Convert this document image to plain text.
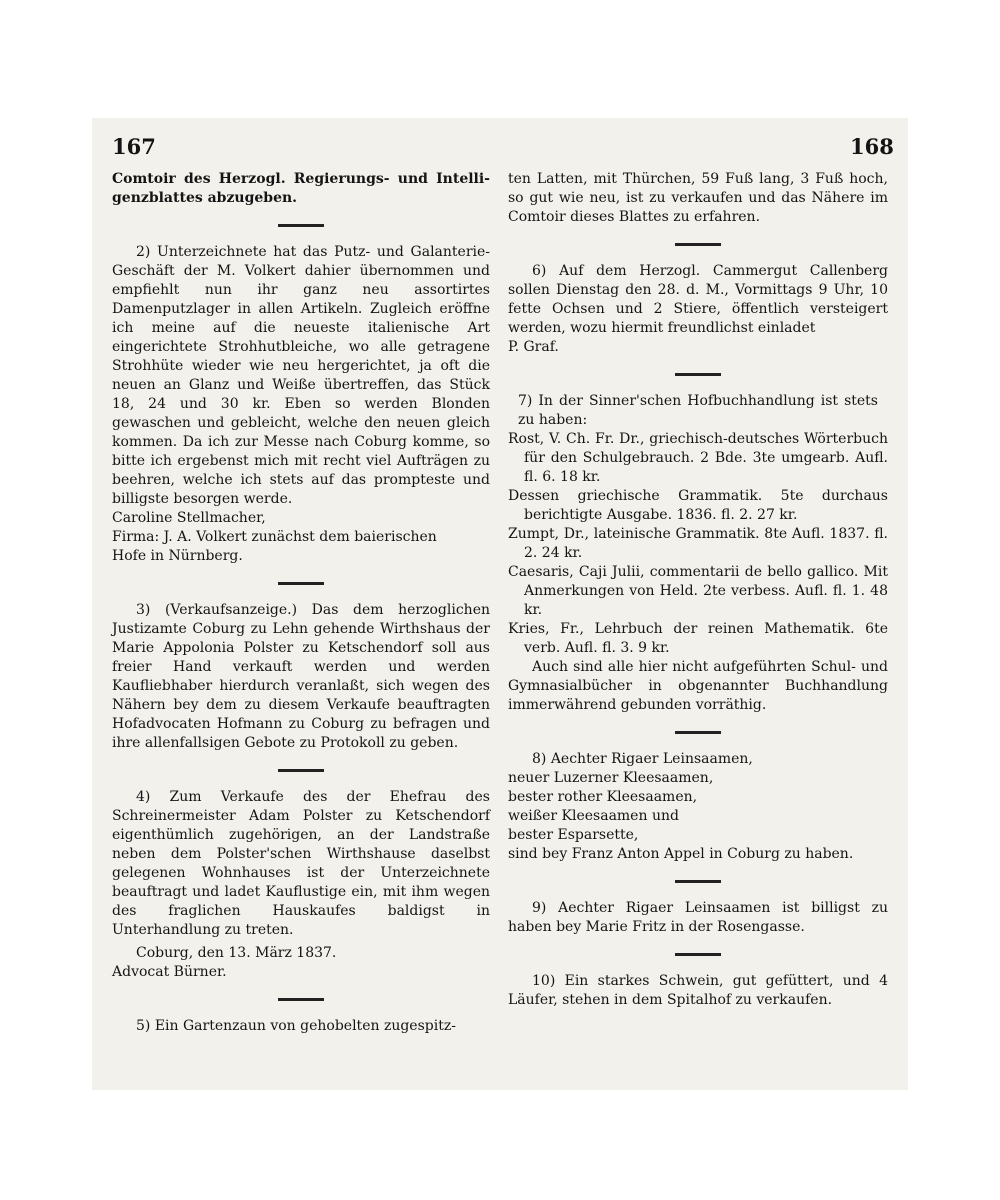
167	168

Comtoir des Herzogl. Regierungs- und Intelli-genzblattes abzugeben.

2) Unterzeichnete hat das Putz- und Galanterie-Geschäft der M. Volkert dahier übernommen und empfiehlt nun ihr ganz neu assortirtes Damenputzlager in allen Artikeln. Zugleich eröffne ich meine auf die neueste italienische Art eingerichtete Strohhutbleiche, wo alle getragene Strohhüte wieder wie neu hergerichtet, ja oft die neuen an Glanz und Weiße übertreffen, das Stück 18, 24 und 30 kr. Eben so werden Blonden gewaschen und gebleicht, welche den neuen gleich kommen. Da ich zur Messe nach Coburg komme, so bitte ich ergebenst mich mit recht viel Aufträgen zu beehren, welche ich stets auf das prompteste und billigste besorgen werde.

Caroline Stellmacher,

Firma: J. A. Volkert zunächst dem baierischen

Hofe in Nürnberg.

3) (Verkaufsanzeige.) Das dem herzoglichen Justizamte Coburg zu Lehn gehende Wirthshaus der Marie Appolonia Polster zu Ketschendorf soll aus freier Hand verkauft werden und werden Kaufliebhaber hierdurch veranlaßt, sich wegen des Nähern bey dem zu diesem Verkaufe beauftragten Hofadvocaten Hofmann zu Coburg zu befragen und ihre allenfallsigen Gebote zu Protokoll zu geben.

4) Zum Verkaufe des der Ehefrau des Schreinermeister Adam Polster zu Ketschendorf eigenthümlich zugehörigen, an der Landstraße neben dem Polster'schen Wirthshause daselbst gelegenen Wohnhauses ist der Unterzeichnete beauftragt und ladet Kauflustige ein, mit ihm wegen des fraglichen Hauskaufes baldigst in Unterhandlung zu treten.

Coburg, den 13. März 1837.

Advocat Bürner.

5) Ein Gartenzaun von gehobelten zugespitz-

ten Latten, mit Thürchen, 59 Fuß lang, 3 Fuß hoch, so gut wie neu, ist zu verkaufen und das Nähere im Comtoir dieses Blattes zu erfahren.

6) Auf dem Herzogl. Cammergut Callenberg sollen Dienstag den 28. d. M., Vormittags 9 Uhr, 10 fette Ochsen und 2 Stiere, öffentlich versteigert werden, wozu hiermit freundlichst einladet

P. Graf.

7) In der Sinner'schen Hofbuchhandlung ist stets zu haben:

Rost, V. Ch. Fr. Dr., griechisch-deutsches Wörterbuch für den Schulgebrauch. 2 Bde. 3te umgearb. Aufl. fl. 6. 18 kr.

Dessen griechische Grammatik. 5te durchaus berichtigte Ausgabe. 1836. fl. 2. 27 kr.

Zumpt, Dr., lateinische Grammatik. 8te Aufl. 1837. fl. 2. 24 kr.

Caesaris, Caji Julii, commentarii de bello gallico. Mit Anmerkungen von Held. 2te verbess. Aufl. fl. 1. 48 kr.

Kries, Fr., Lehrbuch der reinen Mathematik. 6te verb. Aufl. fl. 3. 9 kr.

Auch sind alle hier nicht aufgeführten Schul- und Gymnasialbücher in obgenannter Buchhandlung immerwährend gebunden vorräthig.

8) Aechter Rigaer Leinsaamen,

neuer Luzerner Kleesaamen,

bester rother Kleesaamen,

weißer Kleesaamen und

bester Esparsette,

sind bey Franz Anton Appel in Coburg zu haben.

9) Aechter Rigaer Leinsaamen ist billigst zu haben bey Marie Fritz in der Rosengasse.

10) Ein starkes Schwein, gut gefüttert, und 4 Läufer, stehen in dem Spitalhof zu verkaufen.
